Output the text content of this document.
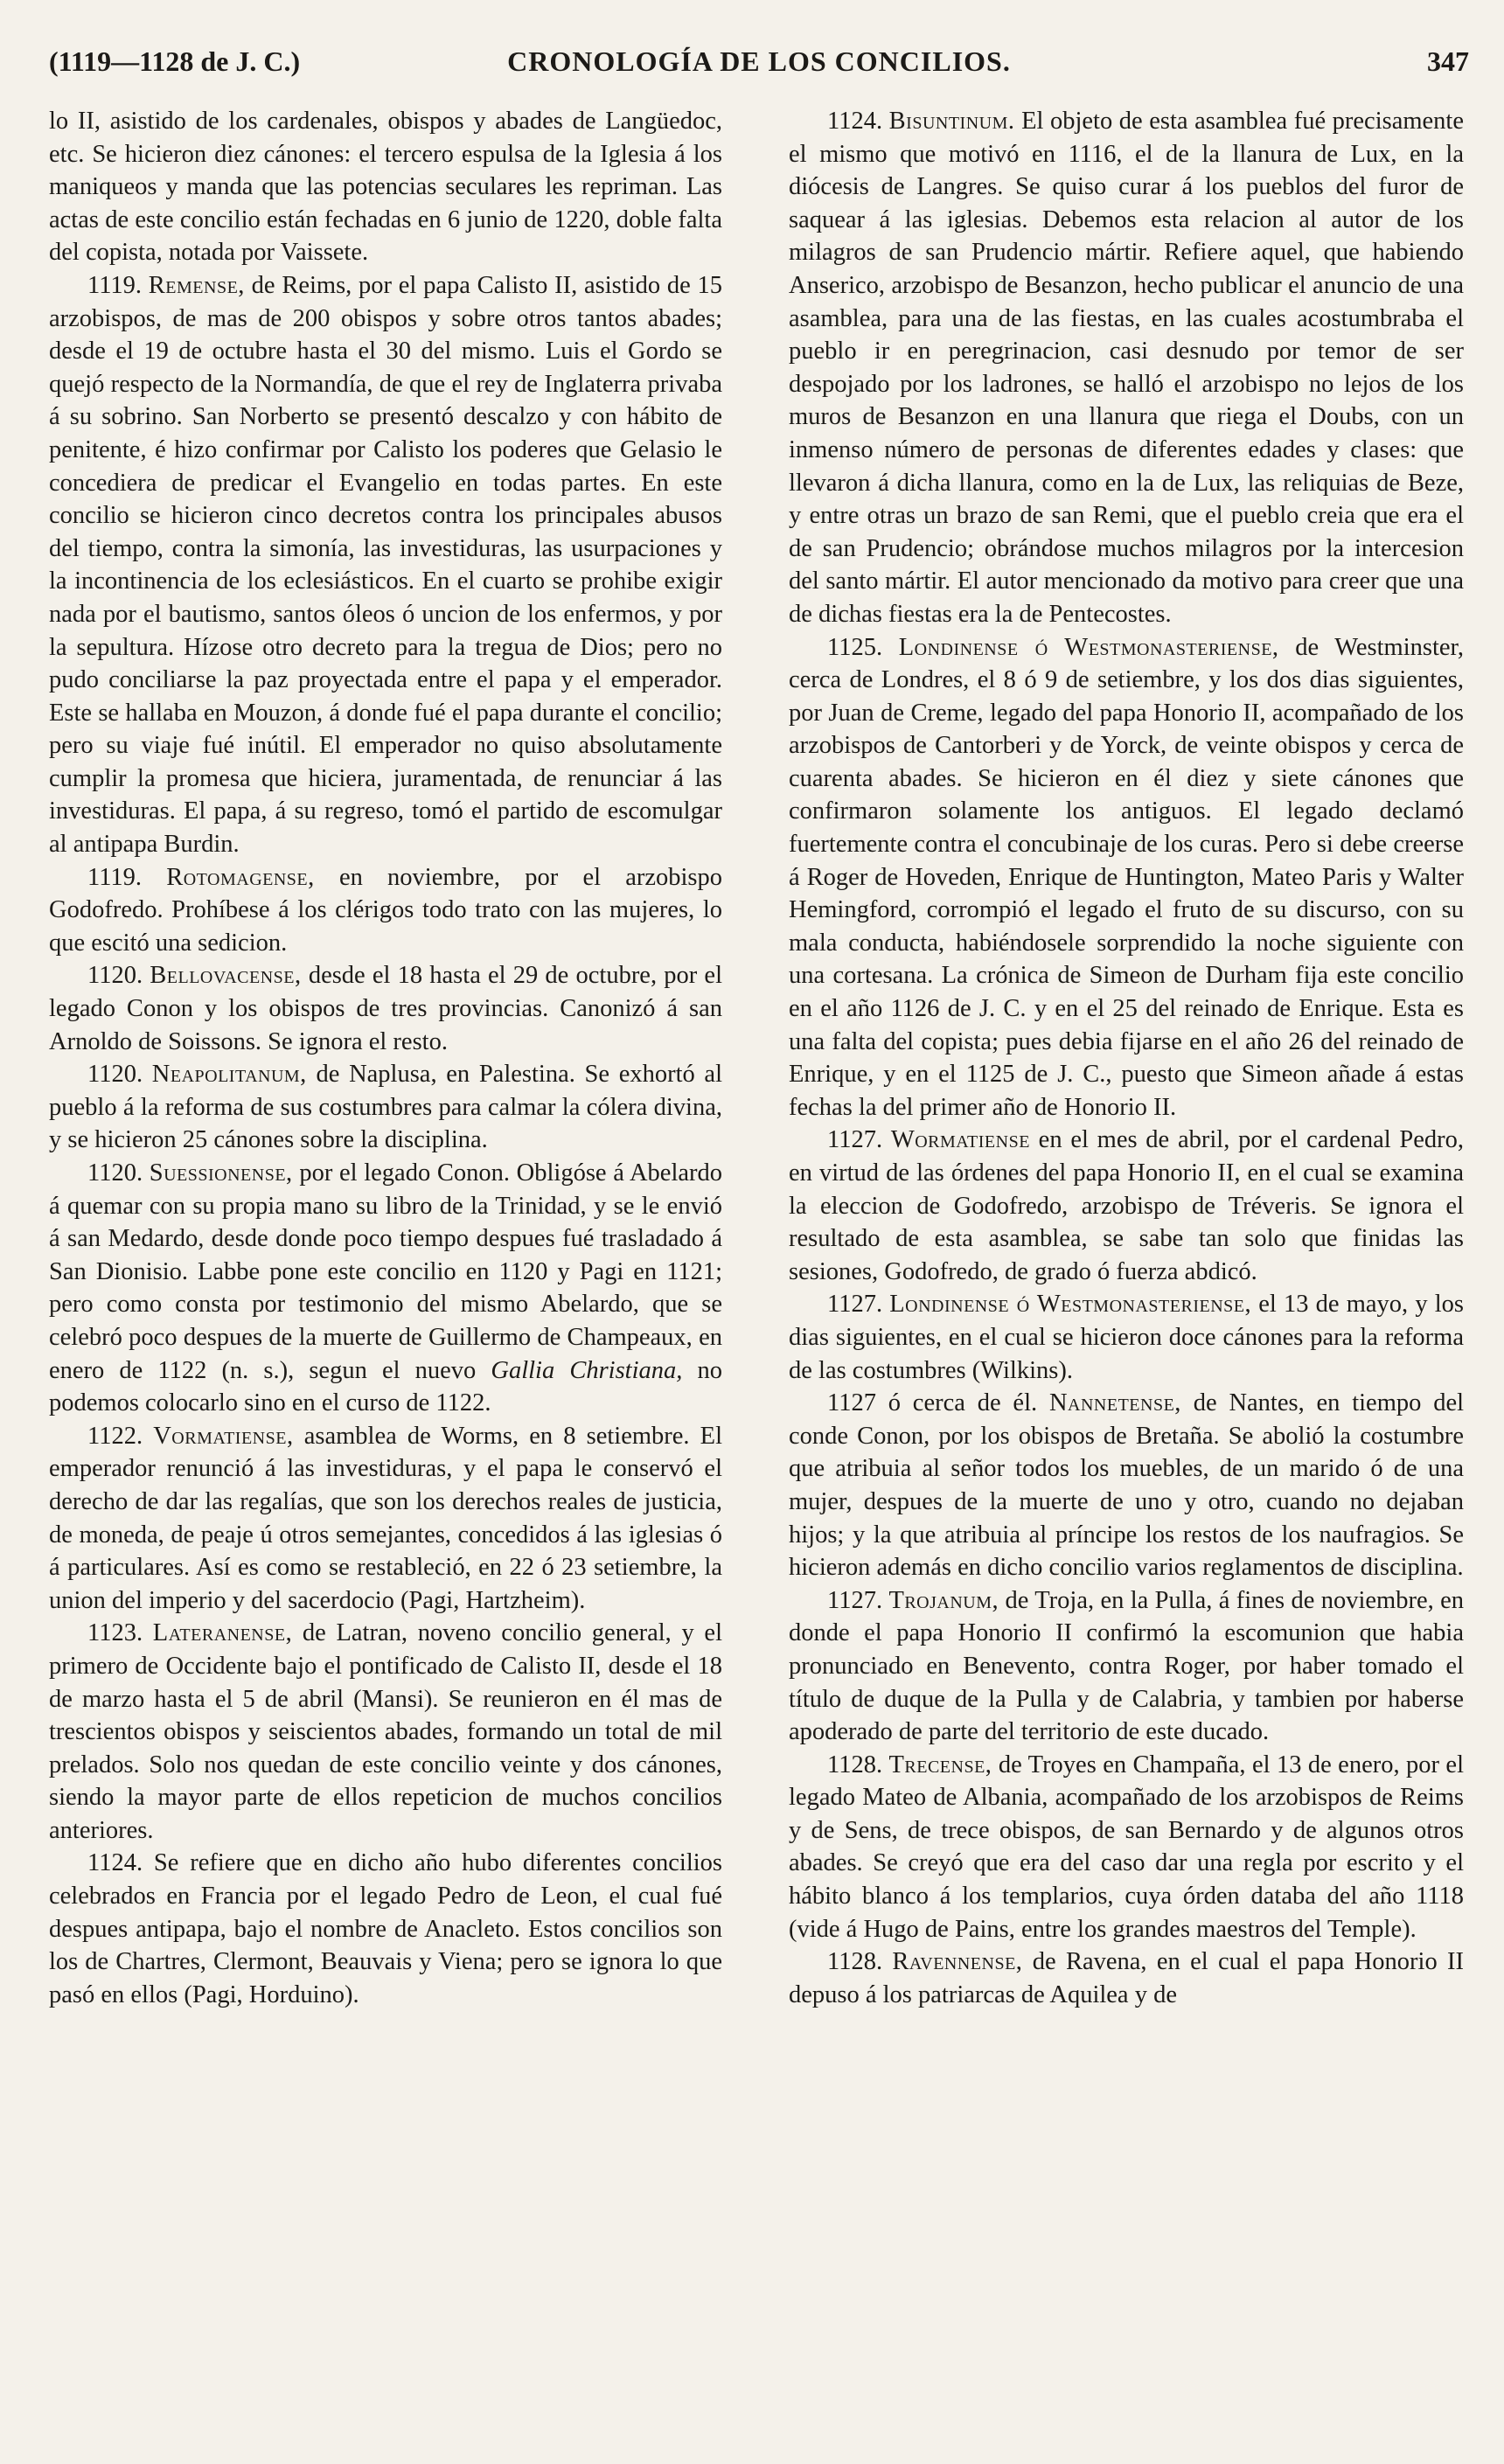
(1119—1128 de J. C.)	CRONOLOGÍA DE LOS CONCILIOS.	347

lo II, asistido de los cardenales, obispos y abades de Langüedoc, etc. Se hicieron diez cánones: el tercero espulsa de la Iglesia á los maniqueos y manda que las potencias seculares les repriman. Las actas de este concilio están fechadas en 6 junio de 1220, doble falta del copista, notada por Vaissete.

1119. Remense, de Reims, por el papa Calisto II, asistido de 15 arzobispos, de mas de 200 obispos y sobre otros tantos abades; desde el 19 de octubre hasta el 30 del mismo. Luis el Gordo se quejó respecto de la Normandía, de que el rey de Inglaterra privaba á su sobrino. San Norberto se presentó descalzo y con hábito de penitente, é hizo confirmar por Calisto los poderes que Gelasio le concediera de predicar el Evangelio en todas partes. En este concilio se hicieron cinco decretos contra los principales abusos del tiempo, contra la simonía, las investiduras, las usurpaciones y la incontinencia de los eclesiásticos. En el cuarto se prohibe exigir nada por el bautismo, santos óleos ó uncion de los enfermos, y por la sepultura. Hízose otro decreto para la tregua de Dios; pero no pudo conciliarse la paz proyectada entre el papa y el emperador. Este se hallaba en Mouzon, á donde fué el papa durante el concilio; pero su viaje fué inútil. El emperador no quiso absolutamente cumplir la promesa que hiciera, juramentada, de renunciar á las investiduras. El papa, á su regreso, tomó el partido de escomulgar al antipapa Burdin.

1119. Rotomagense, en noviembre, por el arzobispo Godofredo. Prohíbese á los clérigos todo trato con las mujeres, lo que escitó una sedicion.

1120. Bellovacense, desde el 18 hasta el 29 de octubre, por el legado Conon y los obispos de tres provincias. Canonizó á san Arnoldo de Soissons. Se ignora el resto.

1120. Neapolitanum, de Naplusa, en Palestina. Se exhortó al pueblo á la reforma de sus costumbres para calmar la cólera divina, y se hicieron 25 cánones sobre la disciplina.

1120. Suessionense, por el legado Conon. Obligóse á Abelardo á quemar con su propia mano su libro de la Trinidad, y se le envió á san Medardo, desde donde poco tiempo despues fué trasladado á San Dionisio. Labbe pone este concilio en 1120 y Pagi en 1121; pero como consta por testimonio del mismo Abelardo, que se celebró poco despues de la muerte de Guillermo de Champeaux, en enero de 1122 (n. s.), segun el nuevo Gallia Christiana, no podemos colocarlo sino en el curso de 1122.

1122. Vormatiense, asamblea de Worms, en 8 setiembre. El emperador renunció á las investiduras, y el papa le conservó el derecho de dar las regalías, que son los derechos reales de justicia, de moneda, de peaje ú otros semejantes, concedidos á las iglesias ó á particulares. Así es como se restableció, en 22 ó 23 setiembre, la union del imperio y del sacerdocio (Pagi, Hartzheim).

1123. Lateranense, de Latran, noveno concilio general, y el primero de Occidente bajo el pontificado de Calisto II, desde el 18 de marzo hasta el 5 de abril (Mansi). Se reunieron en él mas de trescientos obispos y seiscientos abades, formando un total de mil prelados. Solo nos quedan de este concilio veinte y dos cánones, siendo la mayor parte de ellos repeticion de muchos concilios anteriores.

1124. Se refiere que en dicho año hubo diferentes concilios celebrados en Francia por el legado Pedro de Leon, el cual fué despues antipapa, bajo el nombre de Anacleto. Estos concilios son los de Chartres, Clermont, Beauvais y Viena; pero se ignora lo que pasó en ellos (Pagi, Horduino).

1124. Bisuntinum. El objeto de esta asamblea fué precisamente el mismo que motivó en 1116, el de la llanura de Lux, en la diócesis de Langres. Se quiso curar á los pueblos del furor de saquear á las iglesias. Debemos esta relacion al autor de los milagros de san Prudencio mártir. Refiere aquel, que habiendo Anserico, arzobispo de Besanzon, hecho publicar el anuncio de una asamblea, para una de las fiestas, en las cuales acostumbraba el pueblo ir en peregrinacion, casi desnudo por temor de ser despojado por los ladrones, se halló el arzobispo no lejos de los muros de Besanzon en una llanura que riega el Doubs, con un inmenso número de personas de diferentes edades y clases: que llevaron á dicha llanura, como en la de Lux, las reliquias de Beze, y entre otras un brazo de san Remi, que el pueblo creia que era el de san Prudencio; obrándose muchos milagros por la intercesion del santo mártir. El autor mencionado da motivo para creer que una de dichas fiestas era la de Pentecostes.

1125. Londinense ó Westmonasteriense, de Westminster, cerca de Londres, el 8 ó 9 de setiembre, y los dos dias siguientes, por Juan de Creme, legado del papa Honorio II, acompañado de los arzobispos de Cantorberi y de Yorck, de veinte obispos y cerca de cuarenta abades. Se hicieron en él diez y siete cánones que confirmaron solamente los antiguos. El legado declamó fuertemente contra el concubinaje de los curas. Pero si debe creerse á Roger de Hoveden, Enrique de Huntington, Mateo Paris y Walter Hemingford, corrompió el legado el fruto de su discurso, con su mala conducta, habiéndosele sorprendido la noche siguiente con una cortesana. La crónica de Simeon de Durham fija este concilio en el año 1126 de J. C. y en el 25 del reinado de Enrique. Esta es una falta del copista; pues debia fijarse en el año 26 del reinado de Enrique, y en el 1125 de J. C., puesto que Simeon añade á estas fechas la del primer año de Honorio II.

1127. Wormatiense en el mes de abril, por el cardenal Pedro, en virtud de las órdenes del papa Honorio II, en el cual se examina la eleccion de Godofredo, arzobispo de Tréveris. Se ignora el resultado de esta asamblea, se sabe tan solo que finidas las sesiones, Godofredo, de grado ó fuerza abdicó.

1127. Londinense ó Westmonasteriense, el 13 de mayo, y los dias siguientes, en el cual se hicieron doce cánones para la reforma de las costumbres (Wilkins).

1127 ó cerca de él. Nannetense, de Nantes, en tiempo del conde Conon, por los obispos de Bretaña. Se abolió la costumbre que atribuia al señor todos los muebles, de un marido ó de una mujer, despues de la muerte de uno y otro, cuando no dejaban hijos; y la que atribuia al príncipe los restos de los naufragios. Se hicieron además en dicho concilio varios reglamentos de disciplina.

1127. Trojanum, de Troja, en la Pulla, á fines de noviembre, en donde el papa Honorio II confirmó la escomunion que habia pronunciado en Benevento, contra Roger, por haber tomado el título de duque de la Pulla y de Calabria, y tambien por haberse apoderado de parte del territorio de este ducado.

1128. Trecense, de Troyes en Champaña, el 13 de enero, por el legado Mateo de Albania, acompañado de los arzobispos de Reims y de Sens, de trece obispos, de san Bernardo y de algunos otros abades. Se creyó que era del caso dar una regla por escrito y el hábito blanco á los templarios, cuya órden databa del año 1118 (vide á Hugo de Pains, entre los grandes maestros del Temple).

1128. Ravennense, de Ravena, en el cual el papa Honorio II depuso á los patriarcas de Aquilea y de
